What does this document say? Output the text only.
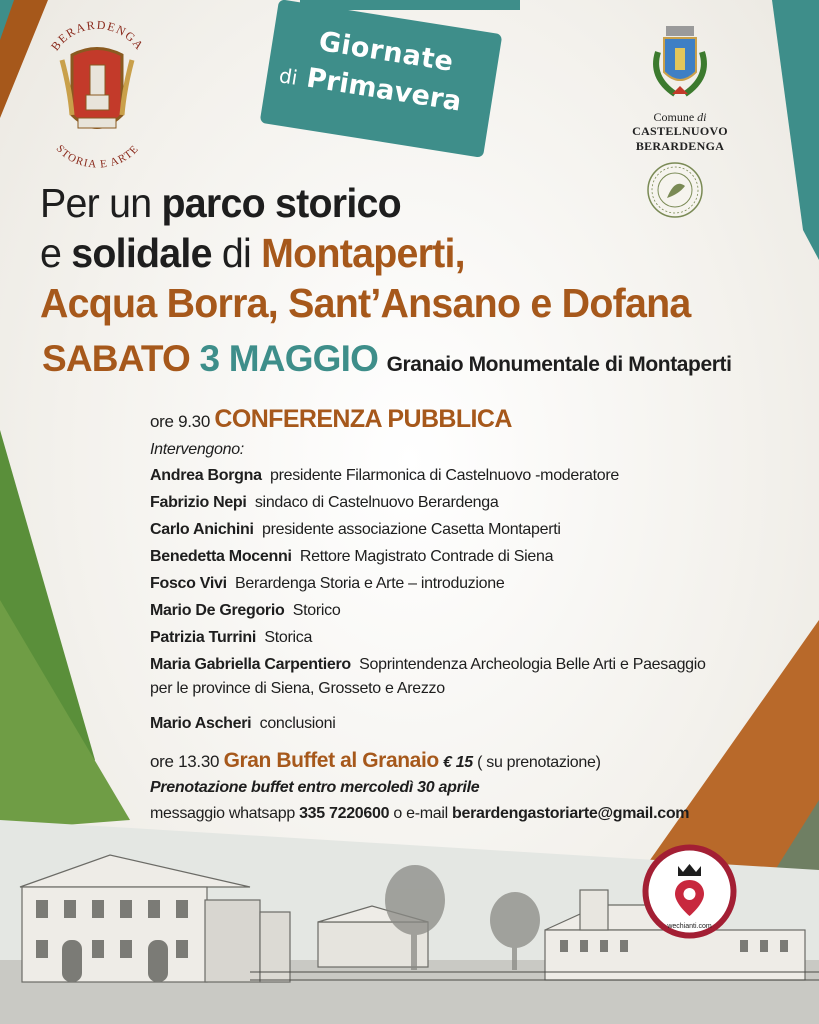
BERARDENGA
STORIA E ARTE
Giornate
di Primavera	Comune di
CASTELNUOVO BERARDENGA
Per un parco storico
e solidale di Montaperti,
Acqua Borra, Sant’Ansano e Dofana
SABATO 3 MAGGIO Granaio Monumentale di Montaperti
ore 9.30 CONFERENZA PUBBLICA
Intervengono:
Andrea Borgna presidente Filarmonica di Castelnuovo -moderatore
Fabrizio Nepi sindaco di Castelnuovo Berardenga
Carlo Anichini presidente associazione Casetta Montaperti
Benedetta Mocenni Rettore Magistrato Contrade di Siena
Fosco Vivi Berardenga Storia e Arte – introduzione
Mario De Gregorio Storico
Patrizia Turrini Storica
Maria Gabriella Carpentiero Soprintendenza Archeologia Belle Arti e Paesaggio
per le province di Siena, Grosseto e Arezzo
Mario Ascheri conclusioni
ore 13.30 Gran Buffet al Granaio € 15 ( su prenotazione)
Prenotazione buffet entro mercoledì 30 aprile
messaggio whatsapp 335 7220600 o e-mail berardengastoriarte@gmail.com
wechianti.com
